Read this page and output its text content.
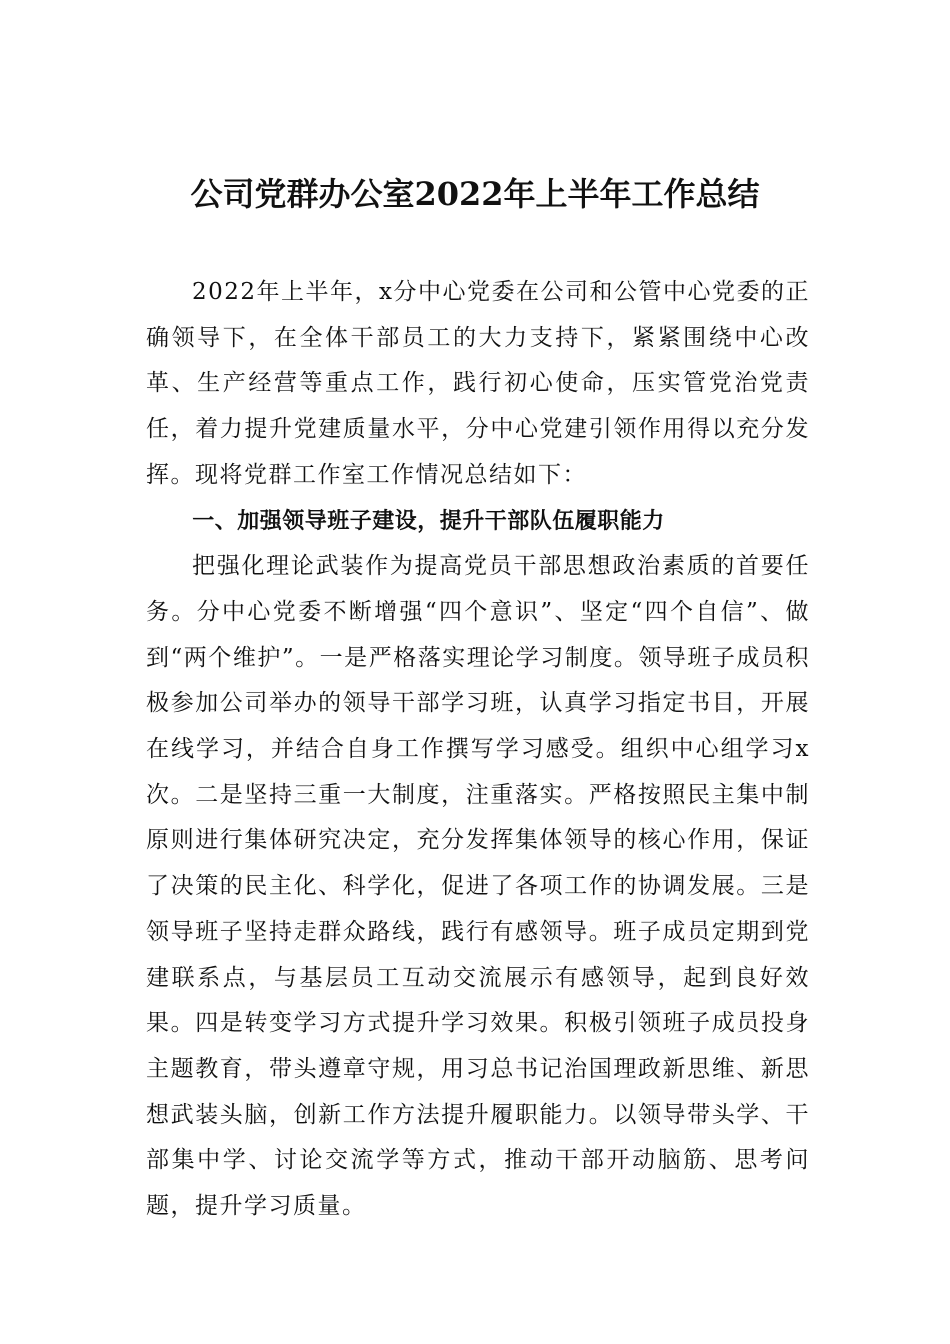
公司党群办公室2022年上半年工作总结

2022年上半年，x分中心党委在公司和公管中心党委的正确领导下，在全体干部员工的大力支持下，紧紧围绕中心改革、生产经营等重点工作，践行初心使命，压实管党治党责任，着力提升党建质量水平，分中心党建引领作用得以充分发挥。现将党群工作室工作情况总结如下：

一、加强领导班子建设，提升干部队伍履职能力

把强化理论武装作为提高党员干部思想政治素质的首要任务。分中心党委不断增强“四个意识”、坚定“四个自信”、做到“两个维护”。一是严格落实理论学习制度。领导班子成员积极参加公司举办的领导干部学习班，认真学习指定书目，开展在线学习，并结合自身工作撰写学习感受。组织中心组学习x次。二是坚持三重一大制度，注重落实。严格按照民主集中制原则进行集体研究决定，充分发挥集体领导的核心作用，保证了决策的民主化、科学化，促进了各项工作的协调发展。三是领导班子坚持走群众路线，践行有感领导。班子成员定期到党建联系点，与基层员工互动交流展示有感领导，起到良好效果。四是转变学习方式提升学习效果。积极引领班子成员投身主题教育，带头遵章守规，用习总书记治国理政新思维、新思想武装头脑，创新工作方法提升履职能力。以领导带头学、干部集中学、讨论交流学等方式，推动干部开动脑筋、思考问题，提升学习质量。
